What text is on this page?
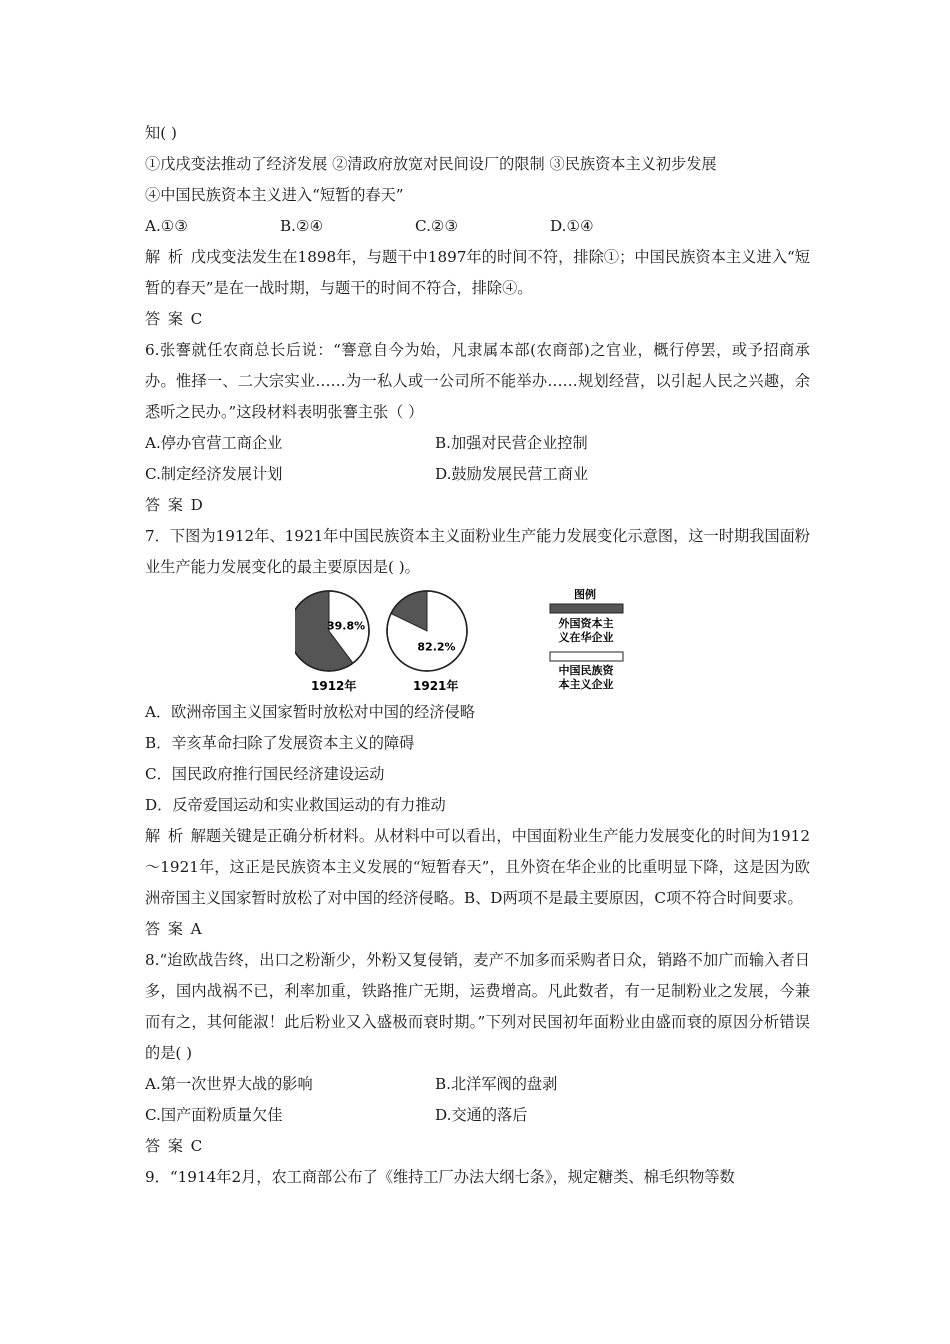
知( )

①戊戌变法推动了经济发展 ②清政府放宽对民间设厂的限制 ③民族资本主义初步发展

④中国民族资本主义进入“短暂的春天”

A.①③	B.②④	C.②③	D.①④

解析戊戌变法发生在1898年，与题干中1897年的时间不符，排除①；中国民族资本主义进入“短暂的春天”是在一战时期，与题干的时间不符合，排除④。

答案C

6.张謇就任农商总长后说：“謇意自今为始，凡隶属本部(农商部)之官业，概行停罢，或予招商承办。惟择一、二大宗实业……为一私人或一公司所不能举办……规划经营，以引起人民之兴趣，余悉听之民办。”这段材料表明张謇主张（ ）

A.停办官营工商企业	B.加强对民营企业控制
C.制定经济发展计划	D.鼓励发展民营工商业

答案D

7．下图为1912年、1921年中国民族资本主义面粉业生产能力发展变化示意图，这一时期我国面粉业生产能力发展变化的最主要原因是( )。

39.8%
82.2%
1912年	1921年
图例
外国资本主
义在华企业
中国民族资
本主义企业

A．欧洲帝国主义国家暂时放松对中国的经济侵略

B．辛亥革命扫除了发展资本主义的障碍

C．国民政府推行国民经济建设运动

D．反帝爱国运动和实业救国运动的有力推动

解析解题关键是正确分析材料。从材料中可以看出，中国面粉业生产能力发展变化的时间为1912～1921年，这正是民族资本主义发展的“短暂春天”，且外资在华企业的比重明显下降，这是因为欧洲帝国主义国家暂时放松了对中国的经济侵略。B、D两项不是最主要原因，C项不符合时间要求。

答案A

8.“迨欧战告终，出口之粉渐少，外粉又复侵销，麦产不加多而采购者日众，销路不加广而输入者日多，国内战祸不已，利率加重，铁路推广无期，运费增高。凡此数者，有一足制粉业之发展，今兼而有之，其何能淑！此后粉业又入盛极而衰时期。”下列对民国初年面粉业由盛而衰的原因分析错误的是( )

A.第一次世界大战的影响	B.北洋军阀的盘剥
C.国产面粉质量欠佳	D.交通的落后

答案C

9．“1914年2月，农工商部公布了《维持工厂办法大纲七条》，规定糖类、棉毛织物等数
